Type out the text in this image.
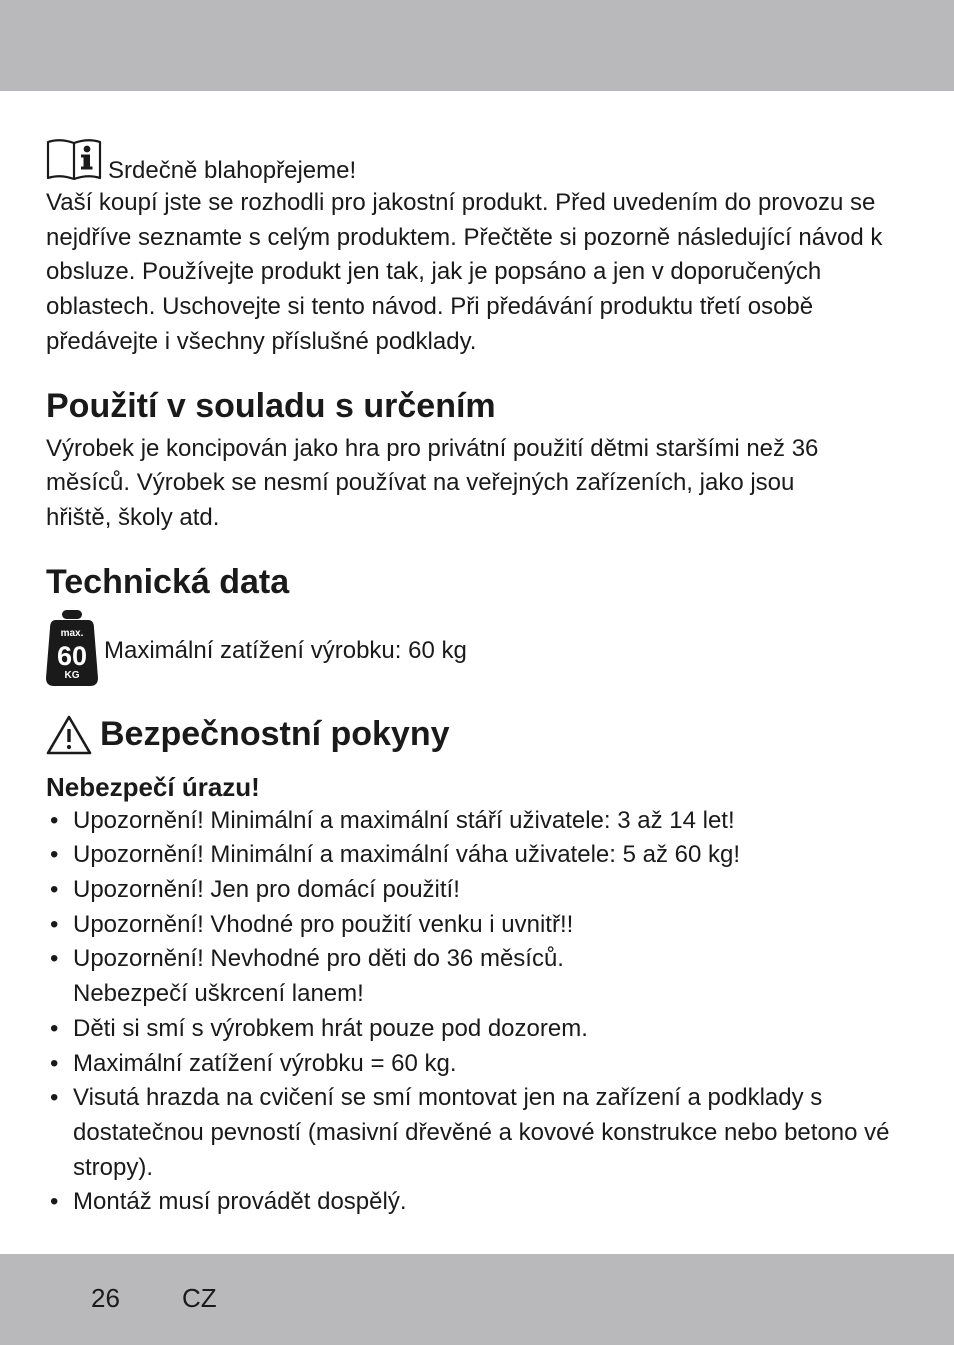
Srdečně blahopřejeme!

Vaší koupí jste se rozhodli pro jakostní produkt. Před uvedením do provozu se nejdříve seznamte s celým produktem. Přečtěte si pozorně následující návod k obsluze. Používejte produkt jen tak, jak je popsáno a jen v doporučených oblastech. Uschovejte si tento návod. Při předávání produktu třetí osobě předávejte i všechny příslušné podklady.

Použití v souladu s určením

Výrobek je koncipován jako hra pro privátní použití dětmi staršími než 36 měsíců. Výrobek se nesmí používat na veřejných zařízeních, jako jsou hřiště, školy atd.

Technická data
max.
60
KG
Maximální zatížení výrobku: 60 kg
Bezpečnostní pokyny

Nebezpečí úrazu!

• Upozornění! Minimální a maximální stáří uživatele: 3 až 14 let!
• Upozornění! Minimální a maximální váha uživatele: 5 až 60 kg!
• Upozornění! Jen pro domácí použití!
• Upozornění! Vhodné pro použití venku i uvnitř!!
• Upozornění! Nevhodné pro děti do 36 měsíců. Nebezpečí uškrcení lanem!
• Děti si smí s výrobkem hrát pouze pod dozorem.
• Maximální zatížení výrobku = 60 kg.
• Visutá hrazda na cvičení se smí montovat jen na zařízení a podklady s dostatečnou pevností (masivní dřevěné a kovové konstrukce nebo betono vé stropy).
• Montáž musí provádět dospělý.
26 CZ
